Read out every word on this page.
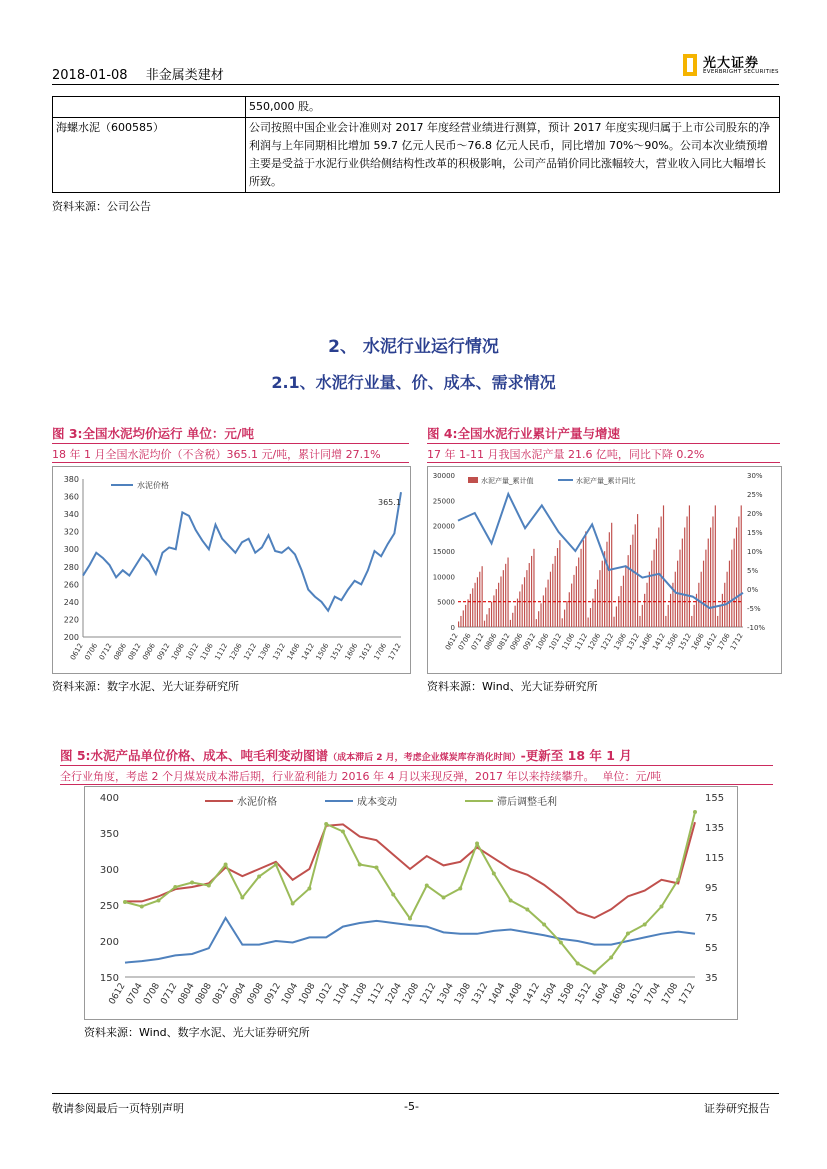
2018-01-08 非金属类建材
光大证券
EVERBRIGHT SECURITIES
	550,000 股。
海螺水泥（600585）	公司按照中国企业会计准则对 2017 年度经营业绩进行测算，预计 2017 年度实现归属于上市公司股东的净利润与上年同期相比增加 59.7 亿元人民币～76.8 亿元人民币，同比增加 70%～90%。公司本次业绩预增主要是受益于水泥行业供给侧结构性改革的积极影响，公司产品销价同比涨幅较大，营业收入同比大幅增长所致。
资料来源：公司公告
2、 水泥行业运行情况
2.1、水泥行业量、价、成本、需求情况
图 3:全国水泥均价运行 单位：元/吨
18 年 1 月全国水泥均价（不含税）365.1 元/吨，累计同增 27.1%
200
220
240
260
280
300
320
340
360
380
0612
0706
0712
0806
0812
0906
0912
1006
1012
1106
1112
1206
1212
1306
1312
1406
1412
1506
1512
1606
1612
1706
1712
水泥价格
365.1
资料来源：数字水泥、光大证券研究所
图 4:全国水泥行业累计产量与增速
17 年 1-11 月我国水泥产量 21.6 亿吨，同比下降 0.2%
0
5000
10000
15000
20000
25000
30000
-10%
-5%
0%
5%
10%
15%
20%
25%
30%
0612
0706
0712
0806
0812
0906
0912
1006
1012
1106
1112
1206
1212
1306
1312
1406
1412
1506
1512
1606
1612
1706
1712
水泥产量_累计值	水泥产量_累计同比
资料来源：Wind、光大证券研究所
图 5:水泥产品单位价格、成本、吨毛利变动图谱（成本滞后 2 月，考虑企业煤炭库存消化时间）-更新至 18 年 1 月
全行业角度，考虑 2 个月煤炭成本滞后期，行业盈利能力 2016 年 4 月以来现反弹，2017 年以来持续攀升。 单位：元/吨
150
200
250
300
350
400
35
55
75
95
115
135
155
0612
0704
0708
0712
0804
0808
0812
0904
0908
0912
1004
1008
1012
1104
1108
1112
1204
1208
1212
1304
1308
1312
1404
1408
1412
1504
1508
1512
1604
1608
1612
1704
1708
1712
水泥价格	成本变动	滞后调整毛利
资料来源：Wind、数字水泥、光大证券研究所
敬请参阅最后一页特别声明	-5-	证券研究报告
